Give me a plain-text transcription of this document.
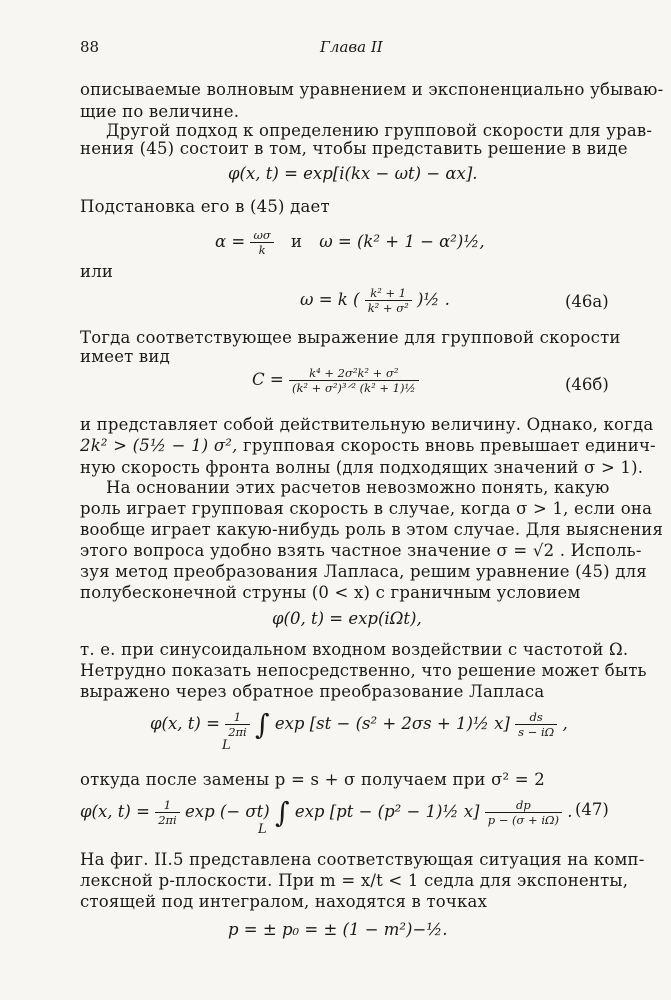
88	Глава II
описываемые волновым уравнением и экспоненциально убываю-
щие по величине.
Другой подход к определению групповой скорости для урав-
нения (45) состоит в том, чтобы представить решение в виде
φ(x, t) = exp[i(kx − ωt) − αx].
Подстановка его в (45) дает
$\alpha = \frac{\omega\sigma}{k}$ и ω = (k² + 1 − α²)½,
или
ω = k ( $\frac{\text{k² + 1}}{\text{k² + σ²}}$ )½ .	(46a)
Тогда соответствующее выражение для групповой скорости
имеет вид
$C = \frac{\text{k⁴ + 2σ²k² + σ²}}{\text{(k² + σ²)³ᐟ² (k² + 1)½}}$	(46б)
и представляет собой действительную величину. Однако, когда
2k² > (5½ − 1) σ², групповая скорость вновь превышает единич-
ную скорость фронта волны (для подходящих значений σ > 1).
На основании этих расчетов невозможно понять, какую
роль играет групповая скорость в случае, когда σ > 1, если она
вообще играет какую-нибудь роль в этом случае. Для выяснения
этого вопроса удобно взять частное значение σ = √2 . Исполь-
зуя метод преобразования Лапласа, решим уравнение (45) для
полубесконечной струны (0 < x) с граничным условием
φ(0, t) = exp(iΩt),
т. е. при синусоидальном входном воздействии с частотой Ω.
Нетрудно показать непосредственно, что решение может быть
выражено через обратное преобразование Лапласа
φ(x, $t) = \frac{1}{2\pi i}$ ∫ exp [st − (s² + 2σs + 1)½ $x] \frac{ds}{s - i\Omega}$ ,
L
откуда после замены p = s + σ получаем при σ² = 2
φ(x, $t) = \frac{1}{2\pi i}$ exp (− σt) ∫ exp [pt − (p² − 1)½ $x] \frac{dp}{p - (\sigma + i\Omega)}$ .
L
(47)
На фиг. II.5 представлена соответствующая ситуация на комп-
лексной p-плоскости. При m = x/t < 1 седла для экспоненты,
стоящей под интегралом, находятся в точках
p = ± p₀ = ± (1 − m²)−½.
